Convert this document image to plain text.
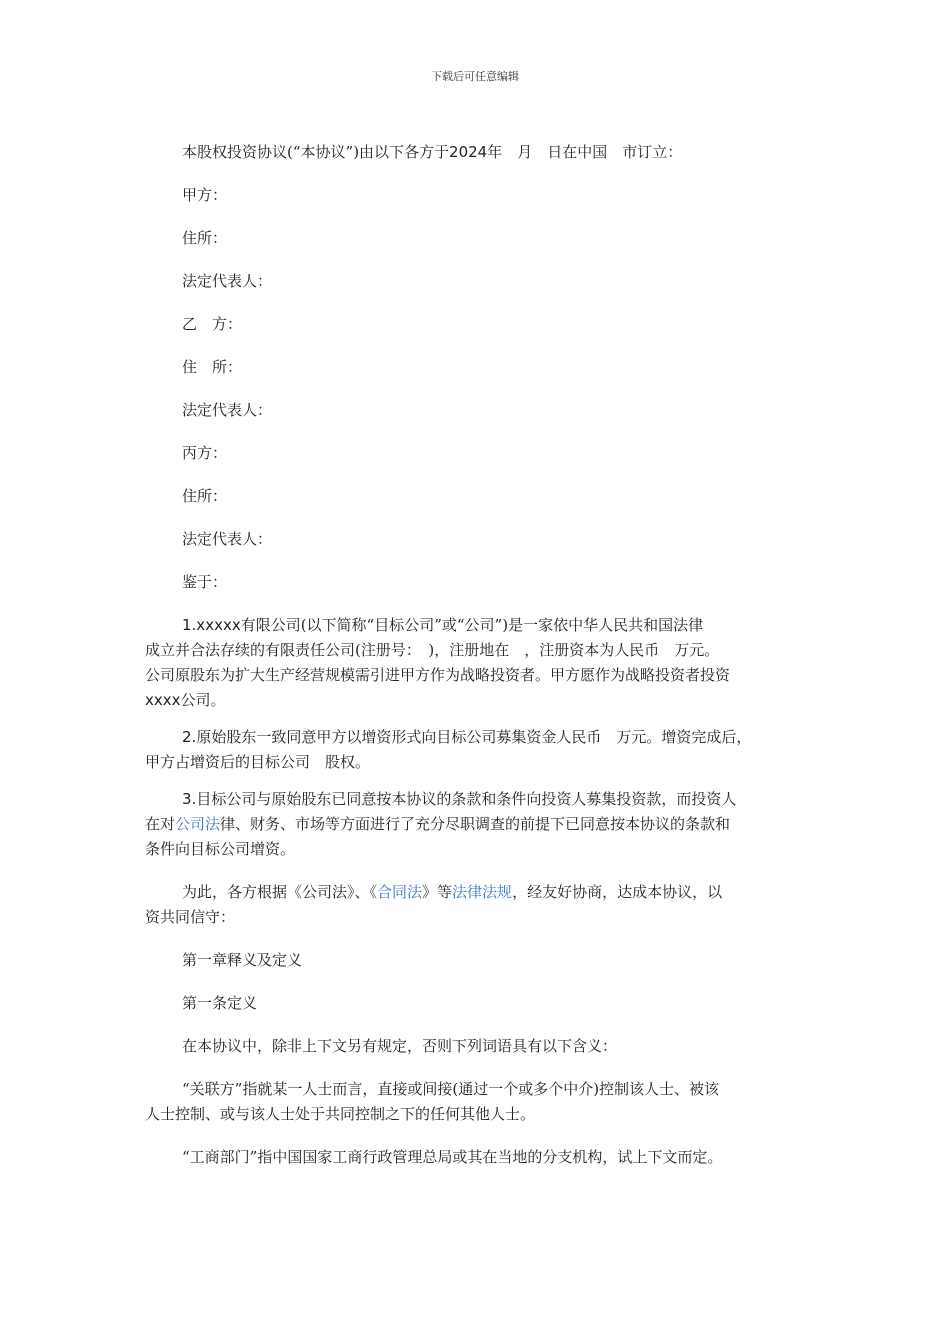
下载后可任意编辑

本股权投资协议(“本协议”)由以下各方于2024年　月　日在中国　市订立：

甲方：

住所：

法定代表人：

乙　方：

住　所：

法定代表人：

丙方：

住所：

法定代表人：

鉴于：

1.xxxxx有限公司(以下简称“目标公司”或“公司”)是一家依中华人民共和国法律

成立并合法存续的有限责任公司(注册号：　)，注册地在　，注册资本为人民币　万元。

公司原股东为扩大生产经营规模需引进甲方作为战略投资者。甲方愿作为战略投资者投资

xxxx公司。

2.原始股东一致同意甲方以增资形式向目标公司募集资金人民币　万元。增资完成后，

甲方占增资后的目标公司　股权。

3.目标公司与原始股东已同意按本协议的条款和条件向投资人募集投资款，而投资人

在对公司法律、财务、市场等方面进行了充分尽职调查的前提下已同意按本协议的条款和

条件向目标公司增资。

为此，各方根据《公司法》、《合同法》等法律法规，经友好协商，达成本协议，以

资共同信守：

第一章释义及定义

第一条定义

在本协议中，除非上下文另有规定，否则下列词语具有以下含义：

“关联方”指就某一人士而言，直接或间接(通过一个或多个中介)控制该人士、被该

人士控制、或与该人士处于共同控制之下的任何其他人士。

“工商部门”指中国国家工商行政管理总局或其在当地的分支机构，试上下文而定。
